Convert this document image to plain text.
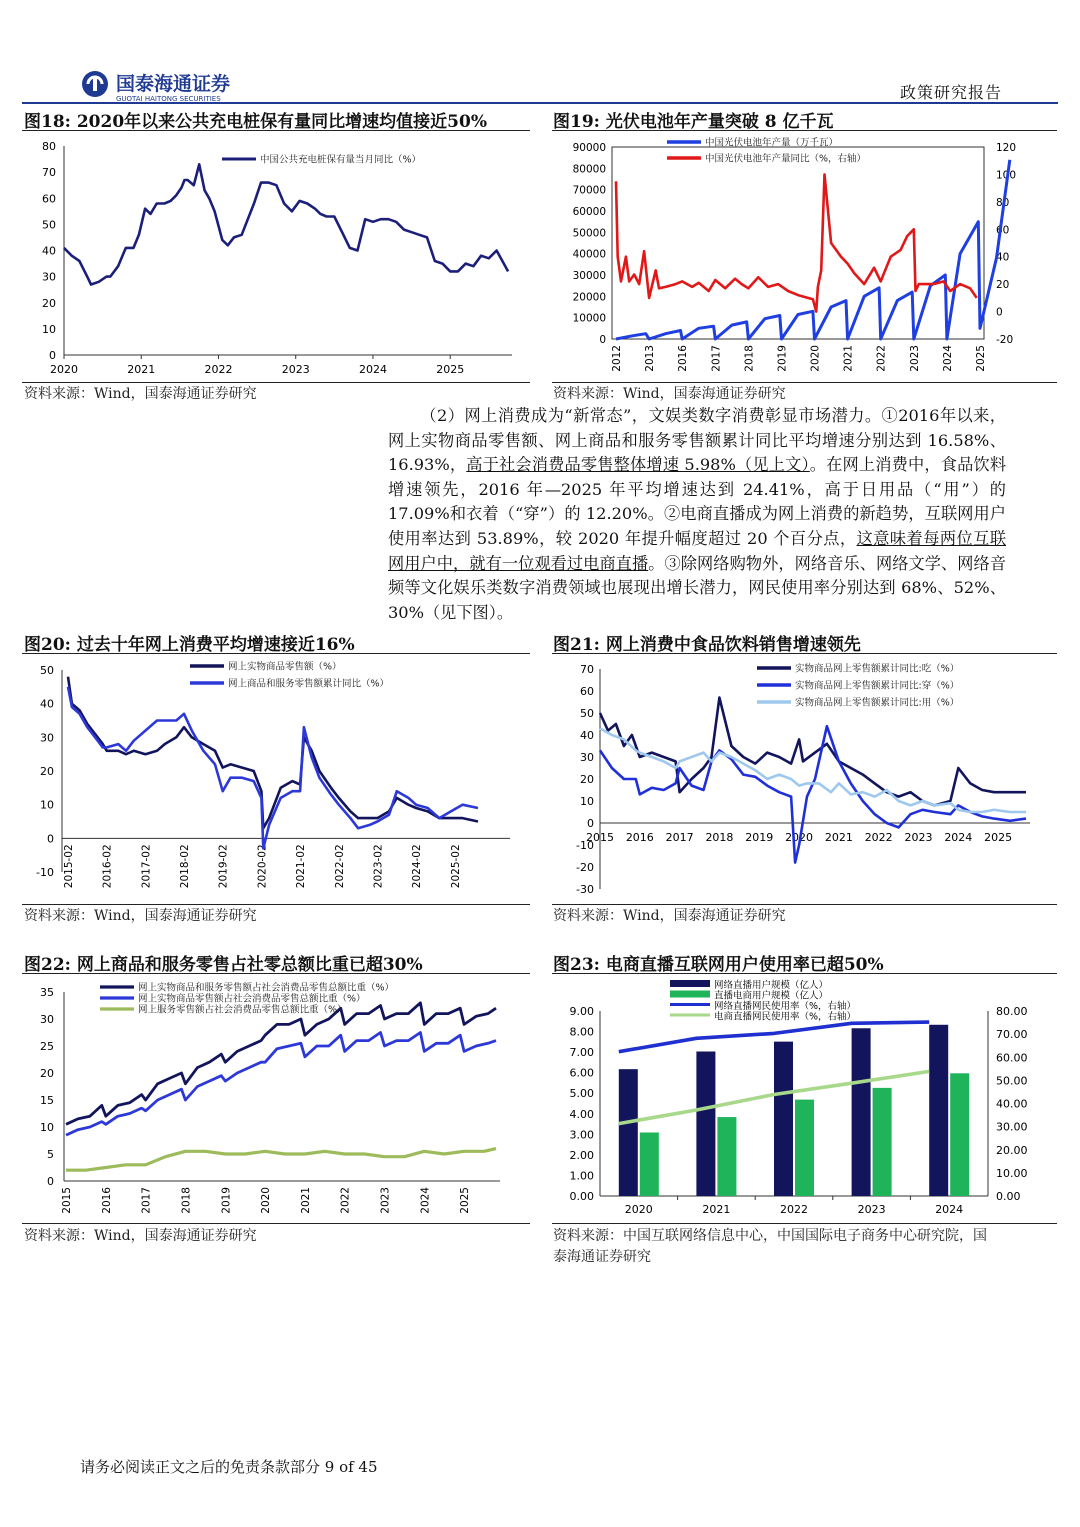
国泰海通证券
GUOTAI HAITONG SECURITIES	政策研究报告
图18: 2020年以来公共充电桩保有量同比增速均值接近50%	图19: 光伏电池年产量突破 8 亿千瓦
0
10
20
30
40
50
60
70
80
2020	2021	2022	2023	2024	2025
中国公共充电桩保有量当月同比（%）
0
10000
20000
30000
40000
50000
60000
70000
80000
90000
-20
0
20
40
60
80
100
120
2012 2013 2016 2017 2018 2019 2020 2021 2022 2023 2024 2025
中国光伏电池年产量（万千瓦）
中国光伏电池年产量同比（%，右轴）
资料来源：Wind，国泰海通证券研究	资料来源：Wind，国泰海通证券研究

（2）网上消费成为“新常态”，文娱类数字消费彰显市场潜力。①2016年以来，网上实物商品零售额、网上商品和服务零售额累计同比平均增速分别达到 16.58%、16.93%，高于社会消费品零售整体增速 5.98%（见上文）。在网上消费中，食品饮料增速领先，2016 年—2025 年平均增速达到 24.41%，高于日用品（“用”）的 17.09%和衣着（“穿”）的 12.20%。②电商直播成为网上消费的新趋势，互联网用户使用率达到 53.89%，较 2020 年提升幅度超过 20 个百分点，这意味着每两位互联网用户中，就有一位观看过电商直播。③除网络购物外，网络音乐、网络文学、网络音频等文化娱乐类数字消费领域也展现出增长潜力，网民使用率分别达到 68%、52%、30%（见下图）。

图20: 过去十年网上消费平均增速接近16%	图21: 网上消费中食品饮料销售增速领先
-10
0
10
20
30
40
50
2015-02	2016-02	2017-02	2018-02	2019-02	2020-02	2021-02	2022-02	2023-02	2024-02	2025-02
网上实物商品零售额（%）
网上商品和服务零售额累计同比（%）
-30
-20
-10
0
10
20
30
40
50
60
70
2015 2016 2017 2018 2019 2020 2021 2022 2023 2024 2025
实物商品网上零售额累计同比:吃（%）
实物商品网上零售额累计同比:穿（%）
实物商品网上零售额累计同比:用（%）
资料来源：Wind，国泰海通证券研究	资料来源：Wind，国泰海通证券研究
图22: 网上商品和服务零售占社零总额比重已超30%	图23: 电商直播互联网用户使用率已超50%
0
5
10
15
20
25
30
35
2015	2016	2017	2018	2019	2020	2021	2022	2023	2024	2025
网上实物商品和服务零售额占社会消费品零售总额比重（%）
网上实物商品零售额占社会消费品零售总额比重（%）
网上服务零售额占社会消费品零售总额比重（%）
0.00
1.00
2.00
3.00
4.00
5.00
6.00
7.00
8.00
9.00
0.00
10.00
20.00
30.00
40.00
50.00
60.00
70.00
80.00
2020	2021	2022	2023	2024
网络直播用户规模（亿人）
直播电商用户规模（亿人）
网络直播网民使用率（%，右轴）
电商直播网民使用率（%，右轴）
资料来源：Wind，国泰海通证券研究	资料来源：中国互联网络信息中心，中国国际电子商务中心研究院，国
泰海通证券研究
请务必阅读正文之后的免责条款部分 9 of 45
